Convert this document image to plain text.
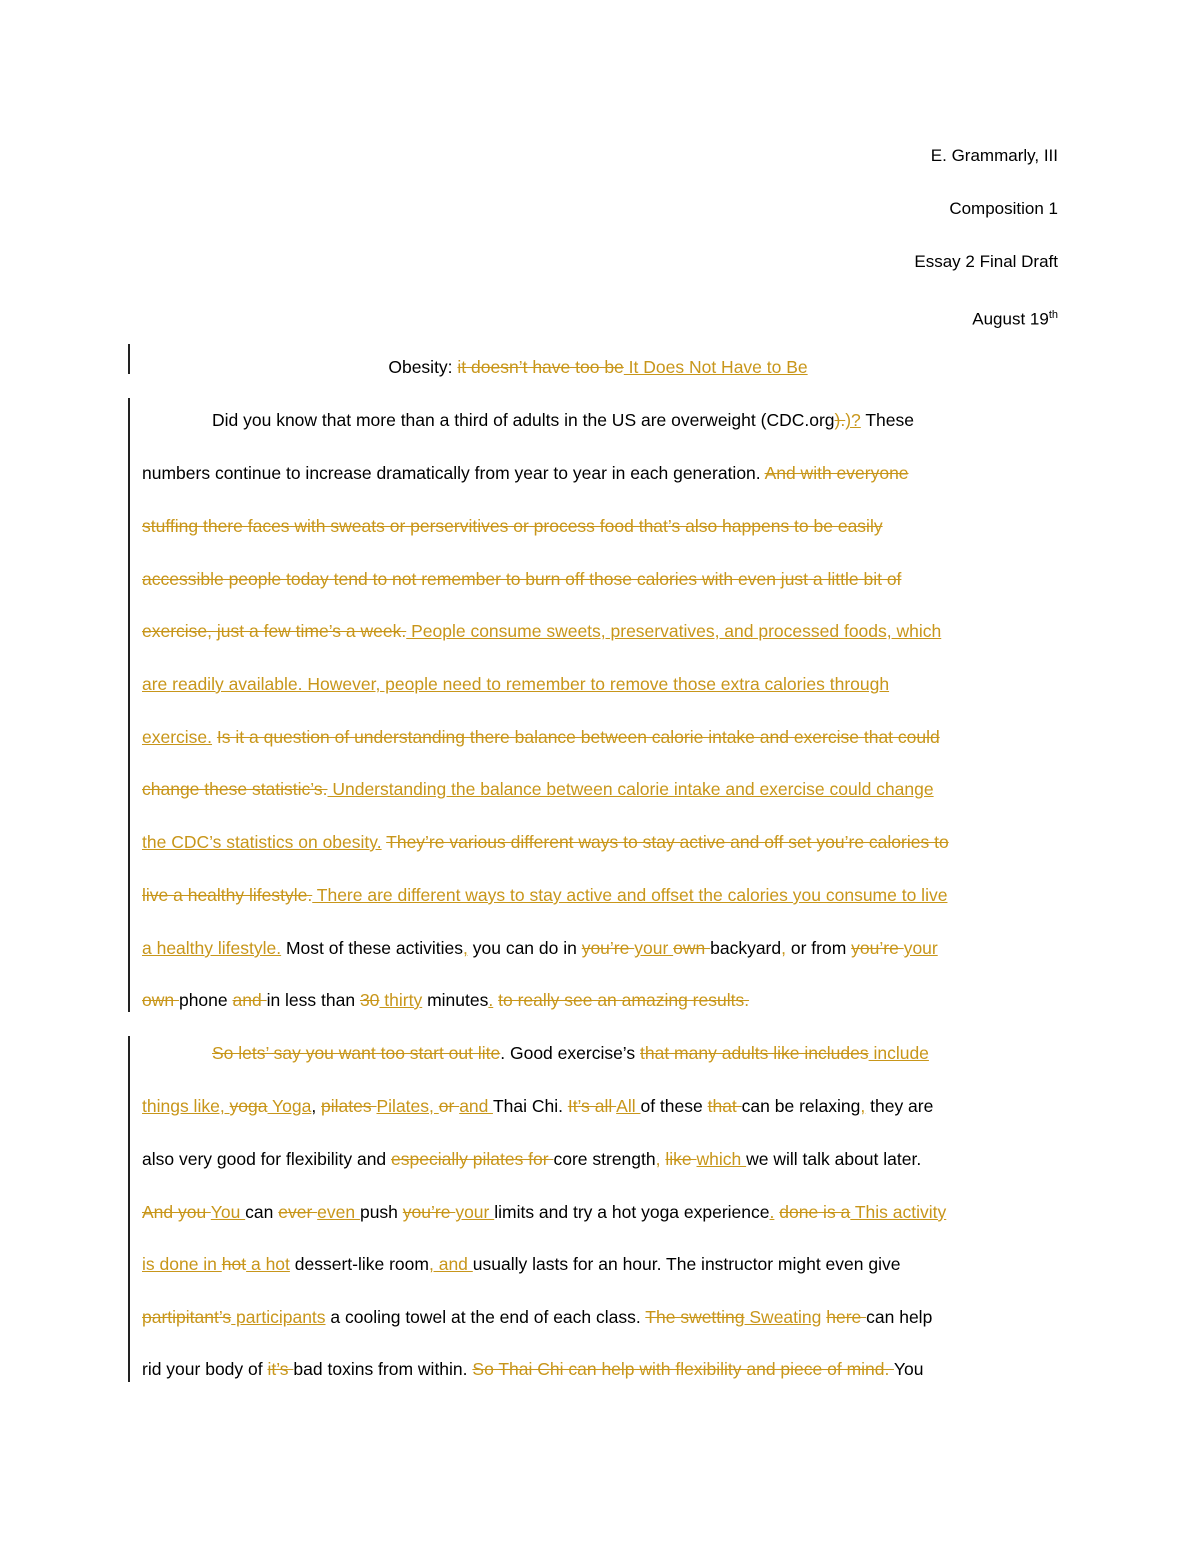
E. Grammarly, III
Composition 1
Essay 2 Final Draft
August 19th
Obesity: it doesn’t have too be It Does Not Have to Be
Did you know that more than a third of adults in the US are overweight (CDC.org).)? These
numbers continue to increase dramatically from year to year in each generation. And with everyone
stuffing there faces with sweats or perservitives or process food that’s also happens to be easily
accessible people today tend to not remember to burn off those calories with even just a little bit of
exercise, just a few time’s a week. People consume sweets, preservatives, and processed foods, which
are readily available. However, people need to remember to remove those extra calories through
exercise. Is it a question of understanding there balance between calorie intake and exercise that could
change these statistic’s. Understanding the balance between calorie intake and exercise could change
the CDC’s statistics on obesity. They’re various different ways to stay active and off set you’re calories to
live a healthy lifestyle. There are different ways to stay active and offset the calories you consume to live
a healthy lifestyle. Most of these activities, you can do in you’re your own backyard, or from you’re your
own phone and in less than 30 thirty minutes. to really see an amazing results.
So lets’ say you want too start out lite. Good exercise’s that many adults like includes include
things like, yoga Yoga, pilates Pilates, or and Thai Chi. It’s all All of these that can be relaxing, they are
also very good for flexibility and especially pilates for core strength, like which we will talk about later.
And you You can ever even push you’re your limits and try a hot yoga experience. done is a This activity
is done in hot a hot dessert-like room, and usually lasts for an hour. The instructor might even give
partipitant’s participants a cooling towel at the end of each class. The swetting Sweating here can help
rid your body of it’s bad toxins from within. So Thai Chi can help with flexibility and piece of mind. You
